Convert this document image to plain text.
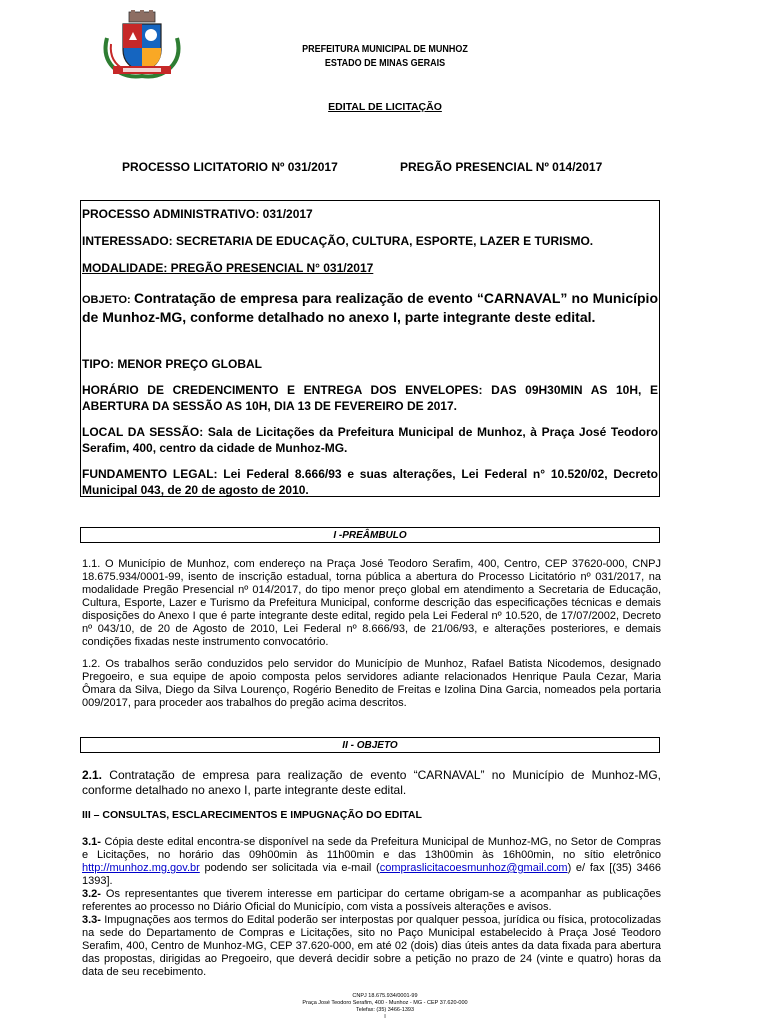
PREFEITURA MUNICIPAL DE MUNHOZ
ESTADO DE MINAS GERAIS
EDITAL DE LICITAÇÃO
PROCESSO LICITATORIO Nº 031/2017	PREGÃO PRESENCIAL Nº 014/2017
PROCESSO ADMINISTRATIVO: 031/2017
INTERESSADO: SECRETARIA DE EDUCAÇÃO, CULTURA, ESPORTE, LAZER E TURISMO.
MODALIDADE: PREGÃO PRESENCIAL N° 031/2017
OBJETO: Contratação de empresa para realização de evento “CARNAVAL” no Município de Munhoz-MG, conforme detalhado no anexo I, parte integrante deste edital.
TIPO: MENOR PREÇO GLOBAL
HORÁRIO DE CREDENCIMENTO E ENTREGA DOS ENVELOPES: DAS 09H30MIN AS 10H, E ABERTURA DA SESSÃO AS 10H, DIA 13 DE FEVEREIRO DE 2017.
LOCAL DA SESSÃO: Sala de Licitações da Prefeitura Municipal de Munhoz, à Praça José Teodoro Serafim, 400, centro da cidade de Munhoz-MG.
FUNDAMENTO LEGAL: Lei Federal 8.666/93 e suas alterações, Lei Federal n° 10.520/02, Decreto Municipal 043, de 20 de agosto de 2010.
I -PREÂMBULO
1.1. O Município de Munhoz, com endereço na Praça José Teodoro Serafim, 400, Centro, CEP 37620-000, CNPJ 18.675.934/0001-99, isento de inscrição estadual, torna pública a abertura do Processo Licitatório nº 031/2017, na modalidade Pregão Presencial nº 014/2017, do tipo menor preço global em atendimento a Secretaria de Educação, Cultura, Esporte, Lazer e Turismo da Prefeitura Municipal, conforme descrição das especificações técnicas e demais disposições do Anexo I que é parte integrante deste edital, regido pela Lei Federal nº 10.520, de 17/07/2002, Decreto nº 043/10, de 20 de Agosto de 2010, Lei Federal nº 8.666/93, de 21/06/93, e alterações posteriores, e demais condições fixadas neste instrumento convocatório.
1.2. Os trabalhos serão conduzidos pelo servidor do Município de Munhoz, Rafael Batista Nicodemos, designado Pregoeiro, e sua equipe de apoio composta pelos servidores adiante relacionados Henrique Paula Cezar, Maria Ômara da Silva, Diego da Silva Lourenço, Rogério Benedito de Freitas e Izolina Dina Garcia, nomeados pela portaria 009/2017, para proceder aos trabalhos do pregão acima descritos.
II - OBJETO
2.1. Contratação de empresa para realização de evento “CARNAVAL” no Município de Munhoz-MG, conforme detalhado no anexo I, parte integrante deste edital.
III – CONSULTAS, ESCLARECIMENTOS E IMPUGNAÇÃO DO EDITAL
3.1- Cópia deste edital encontra-se disponível na sede da Prefeitura Municipal de Munhoz-MG, no Setor de Compras e Licitações, no horário das 09h00min às 11h00min e das 13h00min às 16h00min, no sítio eletrônico http://munhoz.mg.gov.br podendo ser solicitada via e-mail (compraslicitacoesmunhoz@gmail.com) e/ fax [(35) 3466 1393].
3.2- Os representantes que tiverem interesse em participar do certame obrigam-se a acompanhar as publicações referentes ao processo no Diário Oficial do Município, com vista a possíveis alterações e avisos.
3.3- Impugnações aos termos do Edital poderão ser interpostas por qualquer pessoa, jurídica ou física, protocolizadas na sede do Departamento de Compras e Licitações, sito no Paço Municipal estabelecido à Praça José Teodoro Serafim, 400, Centro de Munhoz-MG, CEP 37.620-000, em até 02 (dois) dias úteis antes da data fixada para abertura das propostas, dirigidas ao Pregoeiro, que deverá decidir sobre a petição no prazo de 24 (vinte e quatro) horas da data de seu recebimento.
CNPJ 18.675.934/0001-99
Praça José Teodoro Serafim, 400 - Munhoz - MG - CEP 37.620-000
Telefax: (35) 3466-1393
I
